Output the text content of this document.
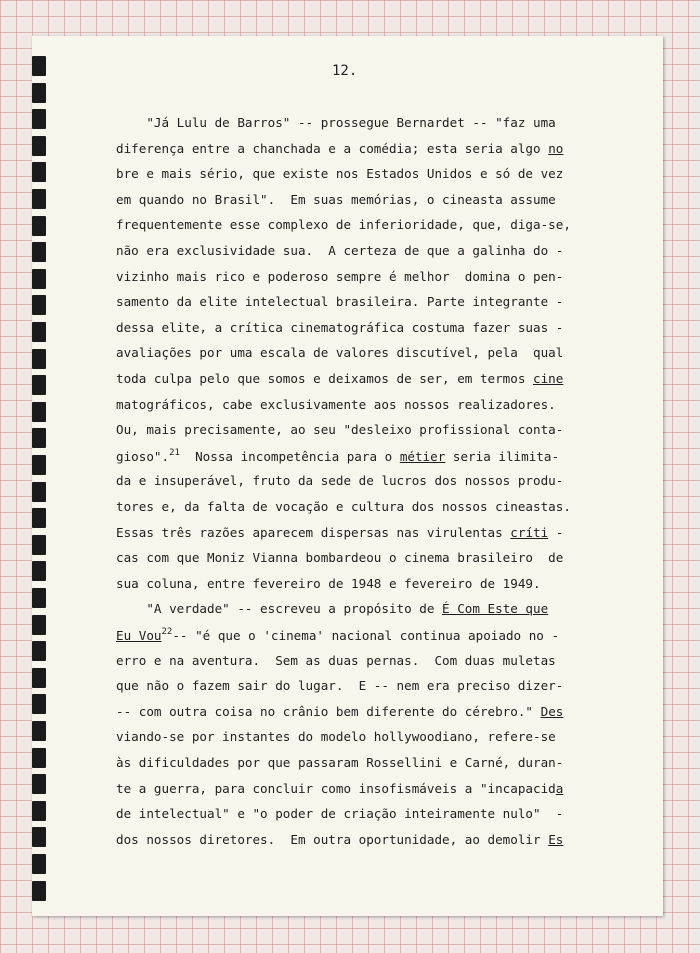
12.
"Já Lulu de Barros" -- prossegue Bernardet -- "faz uma
diferença entre a chanchada e a comédia; esta seria algo no
bre e mais sério, que existe nos Estados Unidos e só de vez
em quando no Brasil".  Em suas memórias, o cineasta assume
frequentemente esse complexo de inferioridade, que, diga-se,
não era exclusividade sua.  A certeza de que a galinha do -
vizinho mais rico e poderoso sempre é melhor  domina o pen-
samento da elite intelectual brasileira. Parte integrante -
dessa elite, a crítica cinematográfica costuma fazer suas -
avaliações por uma escala de valores discutível, pela  qual
toda culpa pelo que somos e deixamos de ser, em termos cine
matográficos, cabe exclusivamente aos nossos realizadores.
Ou, mais precisamente, ao seu "desleixo profissional conta-
gioso".$^{21}$  Nossa incompetência para o métier seria ilimita-
da e insuperável, fruto da sede de lucros dos nossos produ-
tores e, da falta de vocação e cultura dos nossos cineastas.
Essas três razões aparecem dispersas nas virulentas críti -
cas com que Moniz Vianna bombardeou o cinema brasileiro  de
sua coluna, entre fevereiro de 1948 e fevereiro de 1949.
"A verdade" -- escreveu a propósito de É Com Este que
Eu Vou$^{22}$-- "é que o 'cinema' nacional continua apoiado no -
erro e na aventura.  Sem as duas pernas.  Com duas muletas
que não o fazem sair do lugar.  E -- nem era preciso dizer-
-- com outra coisa no crânio bem diferente do cérebro." Des
viando-se por instantes do modelo hollywoodiano, refere-se
às dificuldades por que passaram Rossellini e Carné, duran-
te a guerra, para concluir como insofismáveis a "incapacida
de intelectual" e "o poder de criação inteiramente nulo"  -
dos nossos diretores.  Em outra oportunidade, ao demolir Es
